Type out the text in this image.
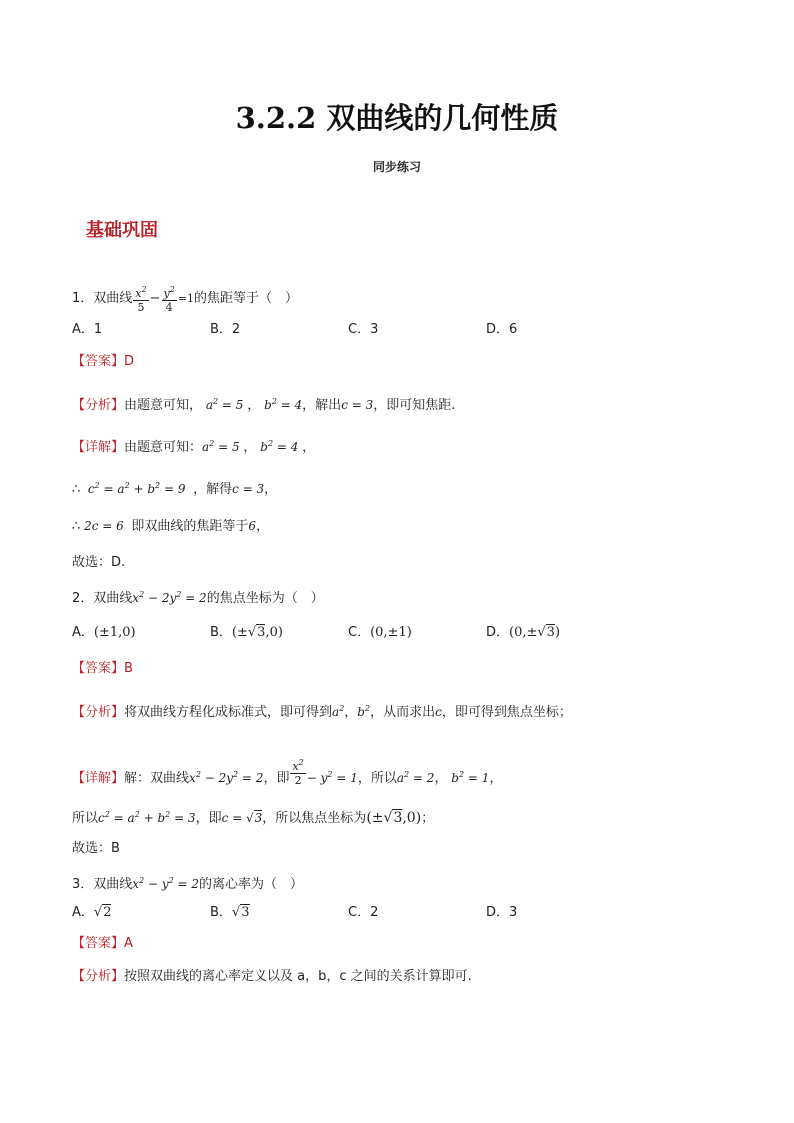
3.2.2 双曲线的几何性质
同步练习
基础巩固
1．双曲线 $\frac{x^2}{5} - \frac{y^2}{4} =1$的焦距等于（　）
A．1	B．2	C．3	D．6
【答案】D
【分析】由题意可知， $a^2 = 5$ ， $b^2 = 4$，解出c = 3，即可知焦距.
【详解】由题意可知：$a^2 = 5$ ， $b^2 = 4$ ，
∴  $c^2 = a^2 + b^2 = 9$  ，解得c = 3，
∴ 2c = 6  即双曲线的焦距等于6，
故选：D.
2．双曲线$x^2 - 2y^2 = 2$的焦点坐标为（　）
A．(±1,0)	B．(±√3,0)	C．(0,±1)	D．(0,±√3)
【答案】B
【分析】将双曲线方程化成标准式，即可得到$a^2$，$b^2$，从而求出c，即可得到焦点坐标；
【详解】解：双曲线$x^2 - 2y^2 = 2$，即 $\frac{x^2}{2} - y^2 = 1$，所以$a^2 = 2$， $b^2 = 1$，
所以$c^2 = a^2 + b^2 = 3$，即c = √3，所以焦点坐标为(±√3,0)；
故选：B
3．双曲线$x^2 - y^2 = 2$的离心率为（　）
A．√2	B．√3	C．2	D．3
【答案】A
【分析】按照双曲线的离心率定义以及 a，b，c 之间的关系计算即可.
